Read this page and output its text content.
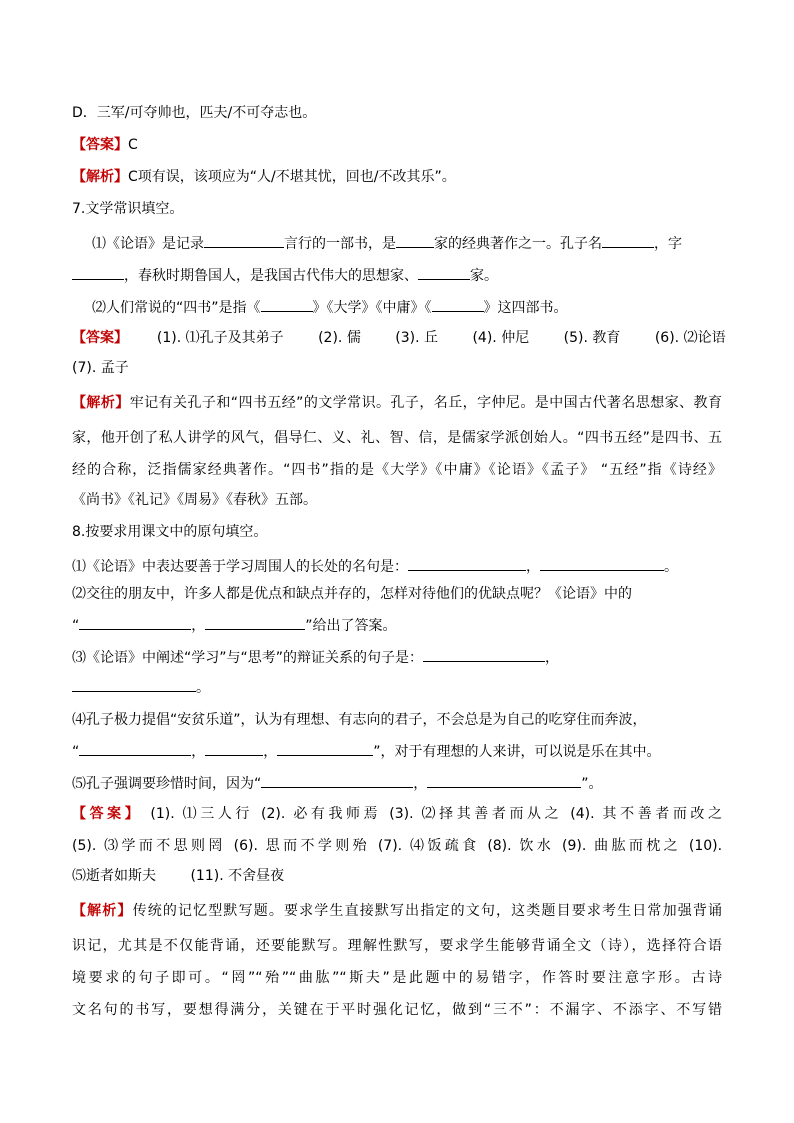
D．三军/可夺帅也，匹夫/不可夺志也。
【答案】C
【解析】C项有误，该项应为“人/不堪其忧，回也/不改其乐”。
7.文学常识填空。
⑴《论语》是记录	言行的一部书，是	家的经典著作之一。孔子名	，字
，春秋时期鲁国人，是我国古代伟大的思想家、	家。
⑵人们常说的“四书”是指《	》《大学》《中庸》《	》这四部书。
【答案】 (1). ⑴孔子及其弟子 (2). 儒 (3). 丘 (4). 仲尼 (5). 教育 (6). ⑵论语
(7). 孟子
【解析】牢记有关孔子和“四书五经”的文学常识。孔子，名丘，字仲尼。是中国古代著名思想家、教育
家，他开创了私人讲学的风气，倡导仁、义、礼、智、信，是儒家学派创始人。“四书五经”是四书、五
经的合称，泛指儒家经典著作。“四书”指的是《大学》《中庸》《论语》《孟子》 “五经”指《诗经》
《尚书》《礼记》《周易》《春秋》五部。
8.按要求用课文中的原句填空。
⑴《论语》中表达要善于学习周围人的长处的名句是：	，	。
⑵交往的朋友中，许多人都是优点和缺点并存的，怎样对待他们的优缺点呢？《论语》中的
“	，	”给出了答案。
⑶《论语》中阐述“学习”与“思考”的辩证关系的句子是：	，
。
⑷孔子极力提倡“安贫乐道”，认为有理想、有志向的君子，不会总是为自己的吃穿住而奔波，
“	，	，	”，对于有理想的人来讲，可以说是乐在其中。
⑸孔子强调要珍惜时间，因为“	，	”。
【答案】 (1). ⑴三人行 (2). 必有我师焉 (3). ⑵择其善者而从之 (4). 其不善者而改之
(5). ⑶学而不思则罔 (6). 思而不学则殆 (7). ⑷饭疏食 (8). 饮水 (9). 曲肱而枕之 (10).
⑸逝者如斯夫 (11). 不舍昼夜
【解析】传统的记忆型默写题。要求学生直接默写出指定的文句，这类题目要求考生日常加强背诵
识记，尤其是不仅能背诵，还要能默写。理解性默写，要求学生能够背诵全文（诗），选择符合语
境要求的句子即可。“罔”“殆”“曲肱”“斯夫”是此题中的易错字，作答时要注意字形。古诗
文名句的书写，要想得满分，关键在于平时强化记忆，做到“三不”：不漏字、不添字、不写错
